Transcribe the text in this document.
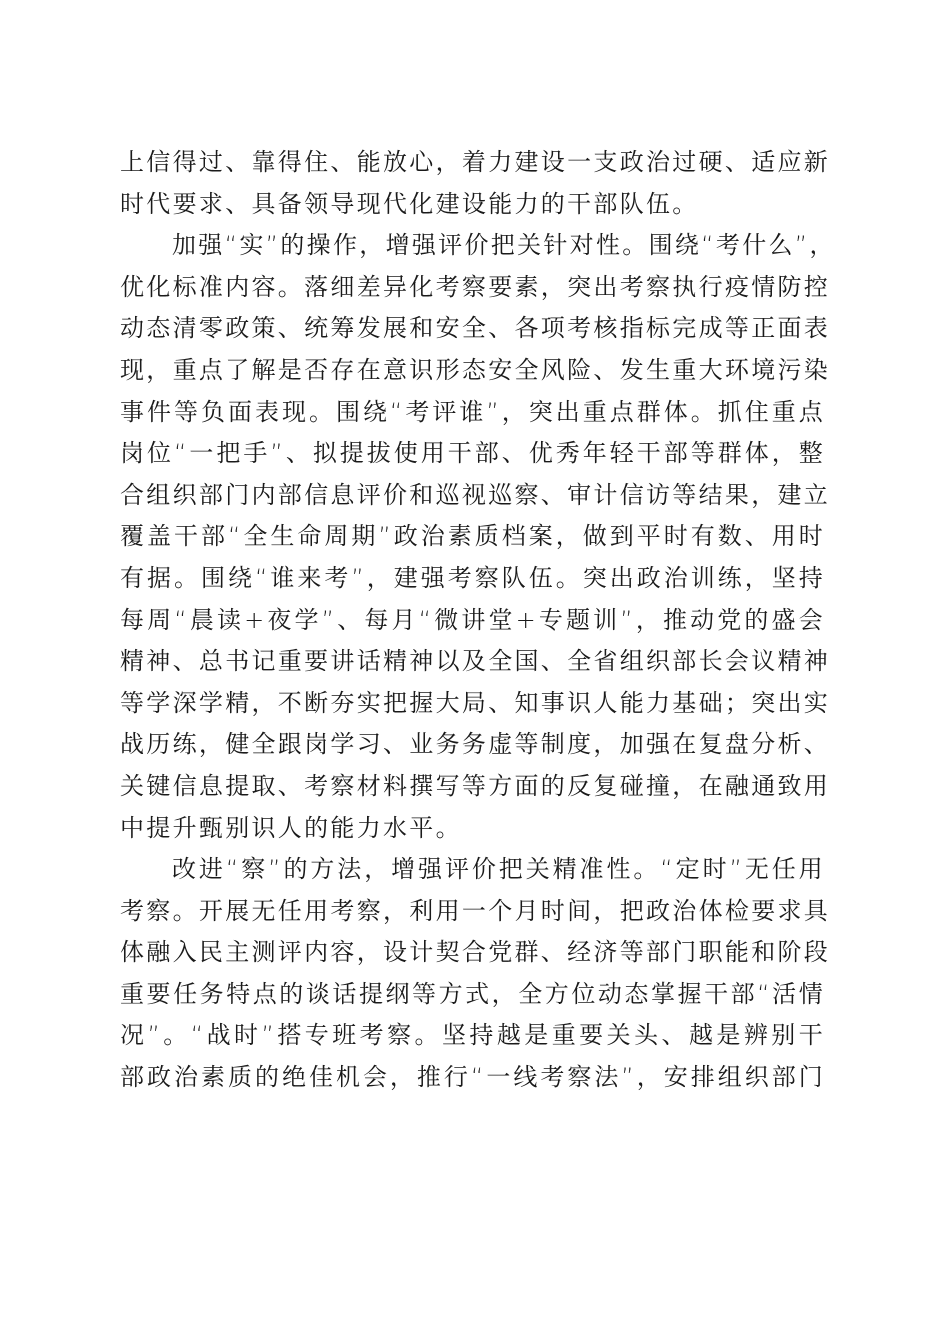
上信得过、靠得住、能放心，着力建设一支政治过硬、适应新
时代要求、具备领导现代化建设能力的干部队伍。
加强“实”的操作，增强评价把关针对性。围绕“考什么”，
优化标准内容。落细差异化考察要素，突出考察执行疫情防控
动态清零政策、统筹发展和安全、各项考核指标完成等正面表
现，重点了解是否存在意识形态安全风险、发生重大环境污染
事件等负面表现。围绕“考评谁”，突出重点群体。抓住重点
岗位“一把手”、拟提拔使用干部、优秀年轻干部等群体，整
合组织部门内部信息评价和巡视巡察、审计信访等结果，建立
覆盖干部“全生命周期”政治素质档案，做到平时有数、用时
有据。围绕“谁来考”，建强考察队伍。突出政治训练，坚持
每周“晨读+夜学”、每月“微讲堂+专题训”，推动党的盛会
精神、总书记重要讲话精神以及全国、全省组织部长会议精神
等学深学精，不断夯实把握大局、知事识人能力基础；突出实
战历练，健全跟岗学习、业务务虚等制度，加强在复盘分析、
关键信息提取、考察材料撰写等方面的反复碰撞，在融通致用
中提升甄别识人的能力水平。
改进“察”的方法，增强评价把关精准性。“定时”无任用
考察。开展无任用考察，利用一个月时间，把政治体检要求具
体融入民主测评内容，设计契合党群、经济等部门职能和阶段
重要任务特点的谈话提纲等方式，全方位动态掌握干部“活情
况”。“战时”搭专班考察。坚持越是重要关头、越是辨别干
部政治素质的绝佳机会，推行“一线考察法”，安排组织部门
